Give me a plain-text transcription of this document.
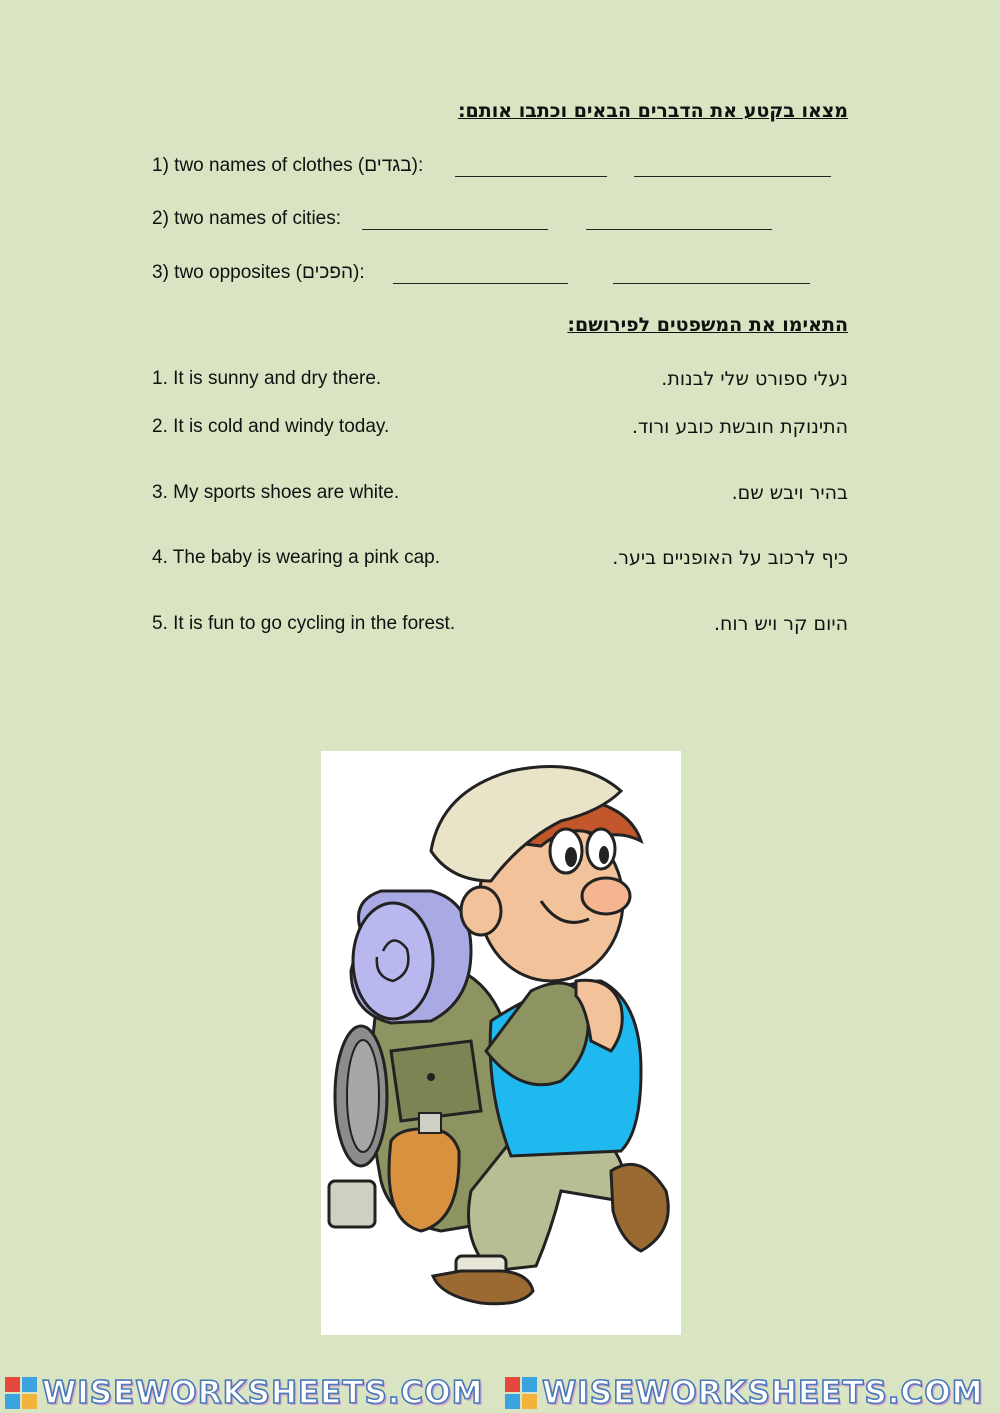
מצאו בקטע את הדברים הבאים וכתבו אותם:
1) two names of clothes (בגדים):
2) two names of cities:
3) two opposites (הפכים):
התאימו את המשפטים לפירושם:
1. It is sunny and dry there.	נעלי ספורט שלי לבנות.
2. It is cold and windy today.	התינוקת חובשת כובע ורוד.
3. My sports shoes are white.	בהיר ויבש שם.
4. The baby is wearing a pink cap.	כיף לרכוב על האופניים ביער.
5. It is fun to go cycling in the forest.	היום קר ויש רוח.
WISEWORKSHEETS.COM WISEWORKSHEETS.COM
